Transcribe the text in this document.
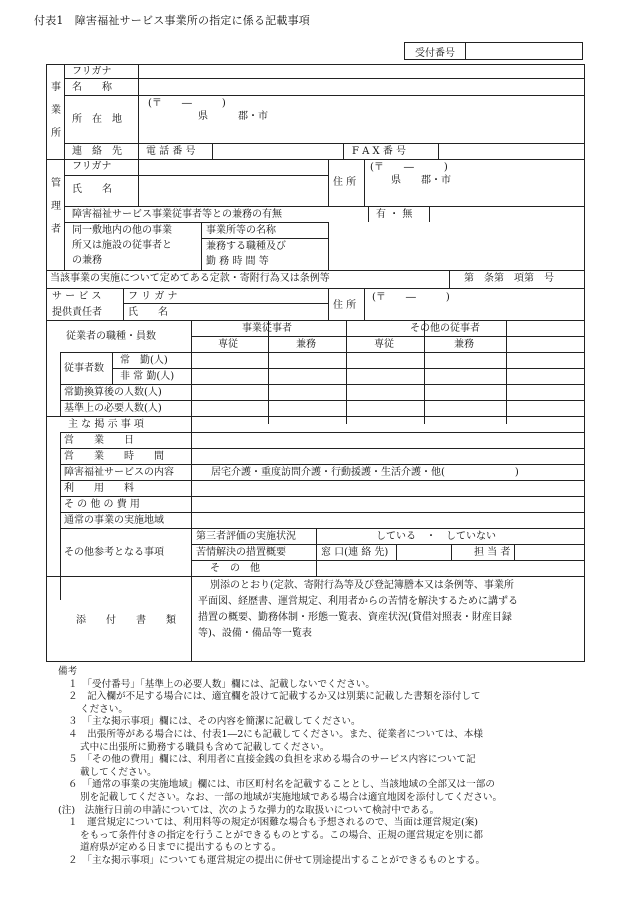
付表1　障害福祉サービス事業所の指定に係る記載事項
受付番号	
事業所
フリガナ
名　　称
所　在　地
(〒　　―　　　)
県　　　郡・市
連　絡　先 電 話 番 号	F A X 番 号
管理者
フリガナ
氏　　名
住 所
(〒　　―　　　)
県　　郡・市
障害福祉サービス事業従事者等との兼務の有無	有 ・ 無
同一敷地内の他の事業
所又は施設の従事者と
の兼務
事業所等の名称
兼務する職種及び
勤 務 時 間 等
当該事業の実施について定めてある定款・寄附行為又は条例等	第　条第　項第　号
サ ー ビ ス
提供責任者
フ リ ガ ナ
氏　　名
住 所
(〒　　―　　　)
従業者の職種・員数
事業従事者	その他の従事者
専従	兼務	専従	兼務
従事者数
常　勤(人)
非 常 勤(人)
常勤換算後の人数(人)
基準上の必要人数(人)
主 な 掲 示 事 項
営　　業　　日
営　　業　　時　　間
障害福祉サービスの内容	居宅介護・重度訪問介護・行動援護・生活介護・他(　　　　　　　)
利　　用　　料
そ の 他 の 費 用
通常の事業の実施地域
その他参考となる事項
第三者評価の実施状況	している　・　していない
苦情解決の措置概要	窓 口(連 絡 先)	担 当 者
そ　の　他
添　　付　　書　　類
別添のとおり(定款、寄附行為等及び登記簿謄本又は条例等、事業所
平面図、経歴書、運営規定、利用者からの苦情を解決するために講ずる
措置の概要、勤務体制・形態一覧表、資産状況(貸借対照表・財産目録
等)、設備・備品等一覧表
備考
１　「受付番号」「基準上の必要人数」欄には、記載しないでください。
２　記入欄が不足する場合には、適宜欄を設けて記載するか又は別葉に記載した書類を添付して
ください。
３　「主な掲示事項」欄には、その内容を簡潔に記載してください。
４　出張所等がある場合には、付表1―2にも記載してください。また、従業者については、本様
式中に出張所に勤務する職員も含めて記載してください。
５　「その他の費用」欄には、利用者に直接金銭の負担を求める場合のサービス内容について記
載してください。
６　「通常の事業の実施地域」欄には、市区町村名を記載することとし、当該地域の全部又は一部の
別を記載してください。なお、一部の地域が実施地域である場合は適宜地図を添付してください。
(注)　法施行日前の申請については、次のような弾力的な取扱いについて検討中である。
１　運営規定については、利用料等の規定が困難な場合も予想されるので、当面は運営規定(案)
をもって条件付きの指定を行うことができるものとする。この場合、正規の運営規定を別に都
道府県が定める日までに提出するものとする。
２　「主な掲示事項」についても運営規定の提出に併せて別途提出することができるものとする。
